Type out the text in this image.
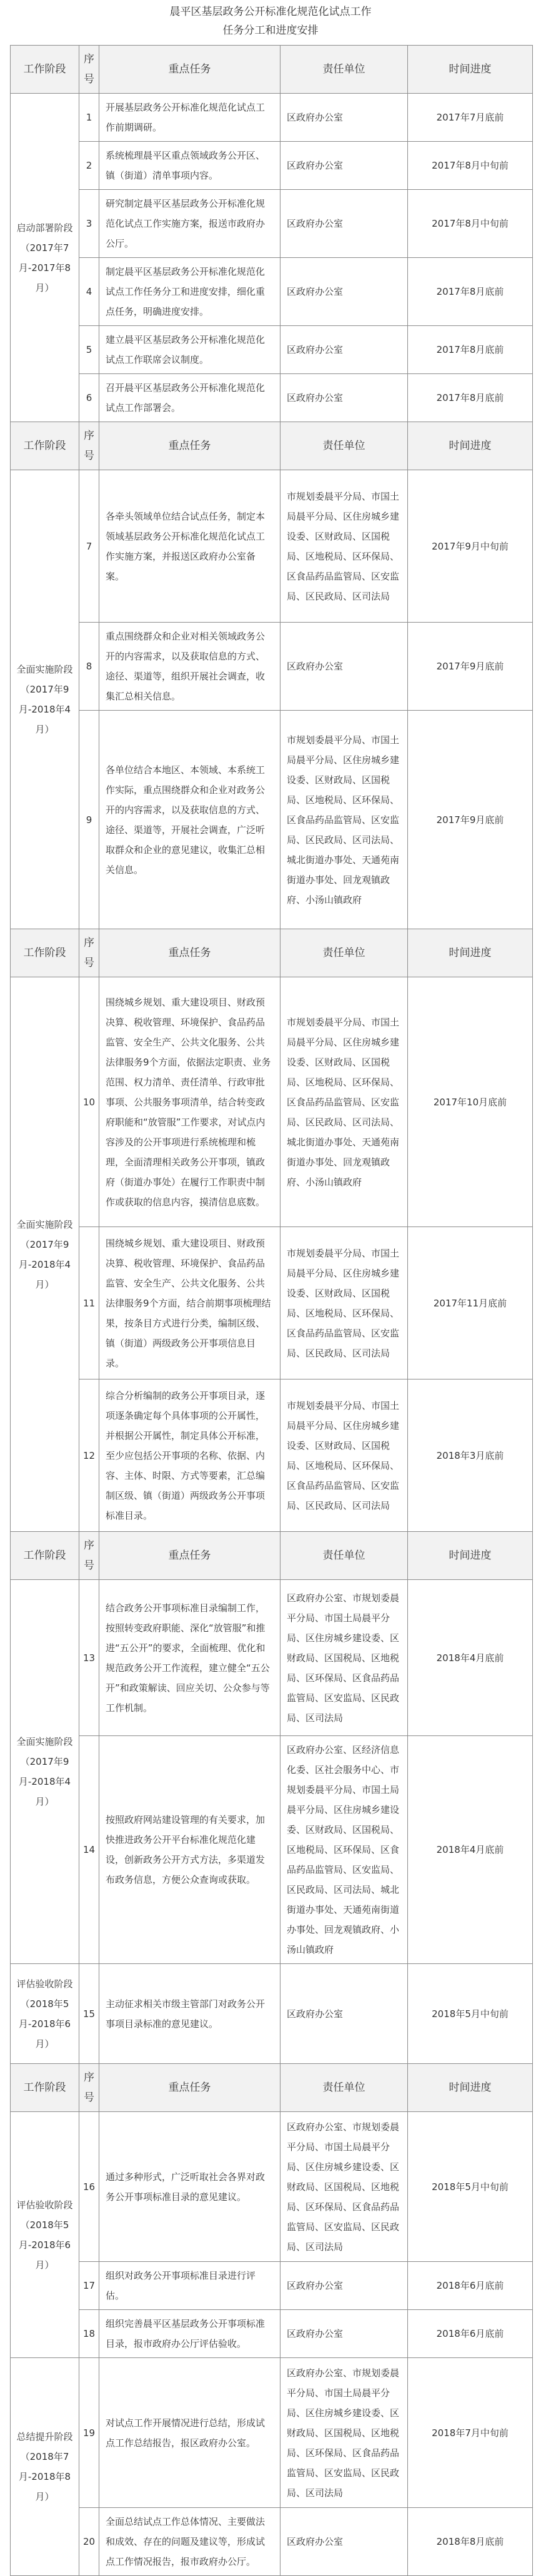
晨平区基层政务公开标准化规范化试点工作
任务分工和进度安排
工作阶段	序号	重点任务	责任单位	时间进度
启动部署阶段（2017年7月-2017年8月）	1	开展基层政务公开标准化规范化试点工作前期调研。	区政府办公室	2017年7月底前
	2	系统梳理晨平区重点领域政务公开区、镇（街道）清单事项内容。	区政府办公室	2017年8月中旬前
	3	研究制定晨平区基层政务公开标准化规范化试点工作实施方案，报送市政府办公厅。	区政府办公室	2017年8月中旬前
	4	制定晨平区基层政务公开标准化规范化试点工作任务分工和进度安排，细化重点任务，明确进度安排。	区政府办公室	2017年8月底前
	5	建立晨平区基层政务公开标准化规范化试点工作联席会议制度。	区政府办公室	2017年8月底前
	6	召开晨平区基层政务公开标准化规范化试点工作部署会。	区政府办公室	2017年8月底前
工作阶段	序号	重点任务	责任单位	时间进度
全面实施阶段（2017年9月-2018年4月）	7	各牵头领域单位结合试点任务，制定本领域基层政务公开标准化规范化试点工作实施方案，并报送区政府办公室备案。	市规划委晨平分局、市国土局晨平分局、区住房城乡建设委、区财政局、区国税局、区地税局、区环保局、区食品药品监管局、区安监局、区民政局、区司法局	2017年9月中旬前
	8	重点围绕群众和企业对相关领域政务公开的内容需求，以及获取信息的方式、途径、渠道等，组织开展社会调查，收集汇总相关信息。	区政府办公室	2017年9月底前
	9	各单位结合本地区、本领域、本系统工作实际，重点围绕群众和企业对政务公开的内容需求，以及获取信息的方式、途径、渠道等，开展社会调查，广泛听取群众和企业的意见建议，收集汇总相关信息。	市规划委晨平分局、市国土局晨平分局、区住房城乡建设委、区财政局、区国税局、区地税局、区环保局、区食品药品监管局、区安监局、区民政局、区司法局、城北街道办事处、天通苑南街道办事处、回龙观镇政府、小汤山镇政府	2017年9月底前
工作阶段	序号	重点任务	责任单位	时间进度
全面实施阶段（2017年9月-2018年4月）	10	围绕城乡规划、重大建设项目、财政预决算、税收管理、环境保护、食品药品监管、安全生产、公共文化服务、公共法律服务9个方面，依据法定职责、业务范围、权力清单、责任清单、行政审批事项、公共服务事项清单，结合转变政府职能和“放管服”工作要求，对试点内容涉及的公开事项进行系统梳理和梳理，全面清理相关政务公开事项，镇政府（街道办事处）在履行工作职责中制作或获取的信息内容，摸清信息底数。	市规划委晨平分局、市国土局晨平分局、区住房城乡建设委、区财政局、区国税局、区地税局、区环保局、区食品药品监管局、区安监局、区民政局、区司法局、城北街道办事处、天通苑南街道办事处、回龙观镇政府、小汤山镇政府	2017年10月底前
	11	围绕城乡规划、重大建设项目、财政预决算、税收管理、环境保护、食品药品监管、安全生产、公共文化服务、公共法律服务9个方面，结合前期事项梳理结果，按条目方式进行分类，编制区级、镇（街道）两级政务公开事项信息目录。	市规划委晨平分局、市国土局晨平分局、区住房城乡建设委、区财政局、区国税局、区地税局、区环保局、区食品药品监管局、区安监局、区民政局、区司法局	2017年11月底前
	12	综合分析编制的政务公开事项目录，逐项逐条确定每个具体事项的公开属性，并根据公开属性，制定具体公开标准，至少应包括公开事项的名称、依据、内容、主体、时限、方式等要素，汇总编制区级、镇（街道）两级政务公开事项标准目录。	市规划委晨平分局、市国土局晨平分局、区住房城乡建设委、区财政局、区国税局、区地税局、区环保局、区食品药品监管局、区安监局、区民政局、区司法局	2018年3月底前
工作阶段	序号	重点任务	责任单位	时间进度
全面实施阶段（2017年9月-2018年4月）	13	结合政务公开事项标准目录编制工作，按照转变政府职能、深化“放管服”和推进“五公开”的要求，全面梳理、优化和规范政务公开工作流程，建立健全“五公开”和政策解读、回应关切、公众参与等工作机制。	区政府办公室、市规划委晨平分局、市国土局晨平分局、区住房城乡建设委、区财政局、区国税局、区地税局、区环保局、区食品药品监管局、区安监局、区民政局、区司法局	2018年4月底前
	14	按照政府网站建设管理的有关要求，加快推进政务公开平台标准化规范化建设，创新政务公开方式方法，多渠道发布政务信息，方便公众查询或获取。	区政府办公室、区经济信息化委、区社会服务中心、市规划委晨平分局、市国土局晨平分局、区住房城乡建设委、区财政局、区国税局、区地税局、区环保局、区食品药品监管局、区安监局、区民政局、区司法局、城北街道办事处、天通苑南街道办事处、回龙观镇政府、小汤山镇政府	2018年4月底前
评估验收阶段（2018年5月-2018年6月）	15	主动征求相关市级主管部门对政务公开事项目录标准的意见建议。	区政府办公室	2018年5月中旬前
工作阶段	序号	重点任务	责任单位	时间进度
评估验收阶段（2018年5月-2018年6月）	16	通过多种形式，广泛听取社会各界对政务公开事项标准目录的意见建议。	区政府办公室、市规划委晨平分局、市国土局晨平分局、区住房城乡建设委、区财政局、区国税局、区地税局、区环保局、区食品药品监管局、区安监局、区民政局、区司法局	2018年5月中旬前
	17	组织对政务公开事项标准目录进行评估。	区政府办公室	2018年6月底前
	18	组织完善晨平区基层政务公开事项标准目录，报市政府办公厅评估验收。	区政府办公室	2018年6月底前
总结提升阶段（2018年7月-2018年8月）	19	对试点工作开展情况进行总结，形成试点工作总结报告，报区政府办公室。	区政府办公室、市规划委晨平分局、市国土局晨平分局、区住房城乡建设委、区财政局、区国税局、区地税局、区环保局、区食品药品监管局、区安监局、区民政局、区司法局	2018年7月中旬前
	20	全面总结试点工作总体情况、主要做法和成效、存在的问题及建议等，形成试点工作情况报告，报市政府办公厅。	区政府办公室	2018年8月底前
